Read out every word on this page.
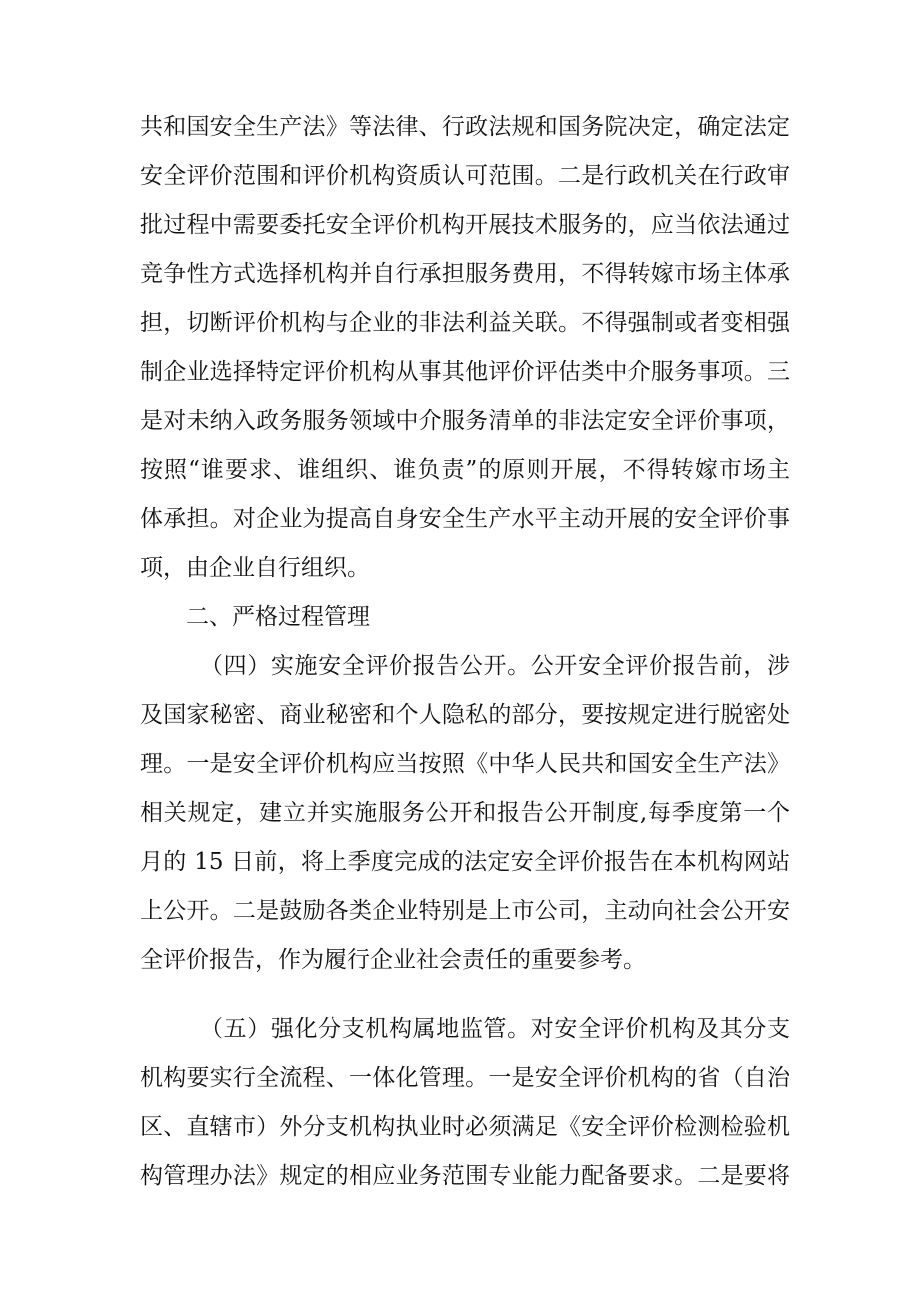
共和国安全生产法》等法律、行政法规和国务院决定，确定法定
安全评价范围和评价机构资质认可范围。二是行政机关在行政审
批过程中需要委托安全评价机构开展技术服务的，应当依法通过
竞争性方式选择机构并自行承担服务费用，不得转嫁市场主体承
担，切断评价机构与企业的非法利益关联。不得强制或者变相强
制企业选择特定评价机构从事其他评价评估类中介服务事项。三
是对未纳入政务服务领域中介服务清单的非法定安全评价事项，
按照“谁要求、谁组织、谁负责”的原则开展，不得转嫁市场主
体承担。对企业为提高自身安全生产水平主动开展的安全评价事
项，由企业自行组织。
二、严格过程管理
（四）实施安全评价报告公开。公开安全评价报告前，涉
及国家秘密、商业秘密和个人隐私的部分，要按规定进行脱密处
理。一是安全评价机构应当按照《中华人民共和国安全生产法》
相关规定，建立并实施服务公开和报告公开制度,每季度第一个
月的 15 日前，将上季度完成的法定安全评价报告在本机构网站
上公开。二是鼓励各类企业特别是上市公司，主动向社会公开安
全评价报告，作为履行企业社会责任的重要参考。
（五）强化分支机构属地监管。对安全评价机构及其分支
机构要实行全流程、一体化管理。一是安全评价机构的省（自治
区、直辖市）外分支机构执业时必须满足《安全评价检测检验机
构管理办法》规定的相应业务范围专业能力配备要求。二是要将
